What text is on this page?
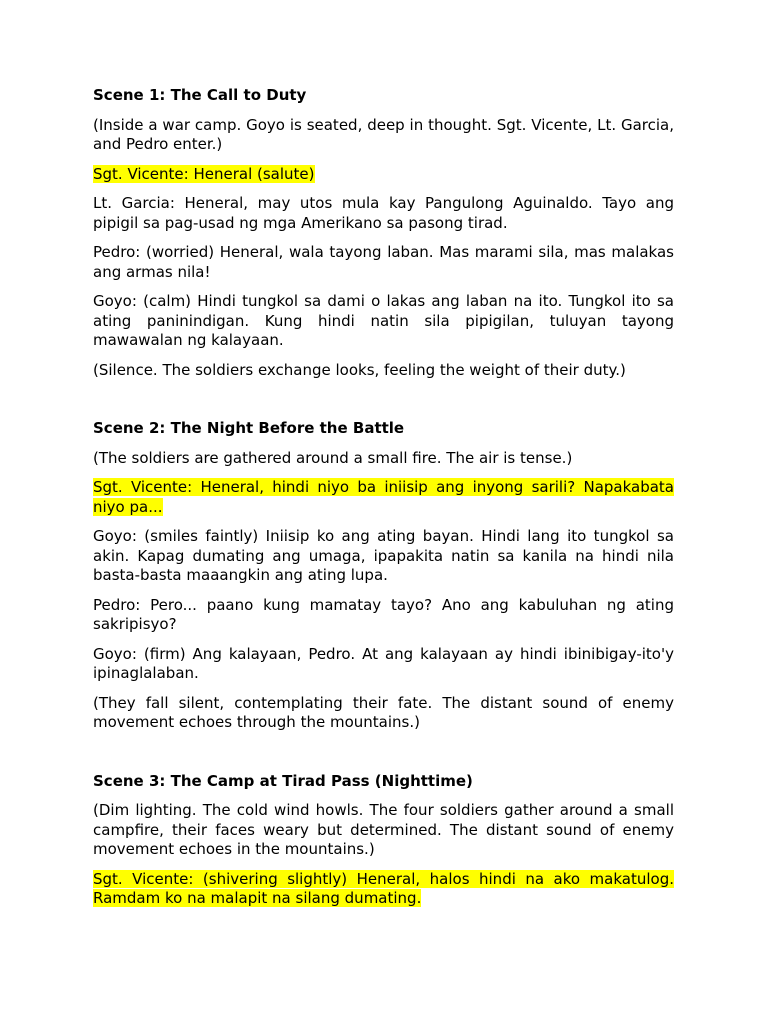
Scene 1: The Call to Duty

(Inside a war camp. Goyo is seated, deep in thought. Sgt. Vicente, Lt. Garcia, and Pedro enter.)

Sgt. Vicente: Heneral (salute)

Lt. Garcia: Heneral, may utos mula kay Pangulong Aguinaldo. Tayo ang pipigil sa pag-usad ng mga Amerikano sa pasong tirad.

Pedro: (worried) Heneral, wala tayong laban. Mas marami sila, mas malakas ang armas nila!

Goyo: (calm) Hindi tungkol sa dami o lakas ang laban na ito. Tungkol ito sa ating paninindigan. Kung hindi natin sila pipigilan, tuluyan tayong mawawalan ng kalayaan.

(Silence. The soldiers exchange looks, feeling the weight of their duty.)

Scene 2: The Night Before the Battle

(The soldiers are gathered around a small fire. The air is tense.)

Sgt. Vicente: Heneral, hindi niyo ba iniisip ang inyong sarili? Napakabata niyo pa...

Goyo: (smiles faintly) Iniisip ko ang ating bayan. Hindi lang ito tungkol sa akin. Kapag dumating ang umaga, ipapakita natin sa kanila na hindi nila basta-basta maaangkin ang ating lupa.

Pedro: Pero... paano kung mamatay tayo? Ano ang kabuluhan ng ating sakripisyo?

Goyo: (firm) Ang kalayaan, Pedro. At ang kalayaan ay hindi ibinibigay-ito'y ipinaglalaban.

(They fall silent, contemplating their fate. The distant sound of enemy movement echoes through the mountains.)

Scene 3: The Camp at Tirad Pass (Nighttime)

(Dim lighting. The cold wind howls. The four soldiers gather around a small campfire, their faces weary but determined. The distant sound of enemy movement echoes in the mountains.)

Sgt. Vicente: (shivering slightly) Heneral, halos hindi na ako makatulog. Ramdam ko na malapit na silang dumating.
